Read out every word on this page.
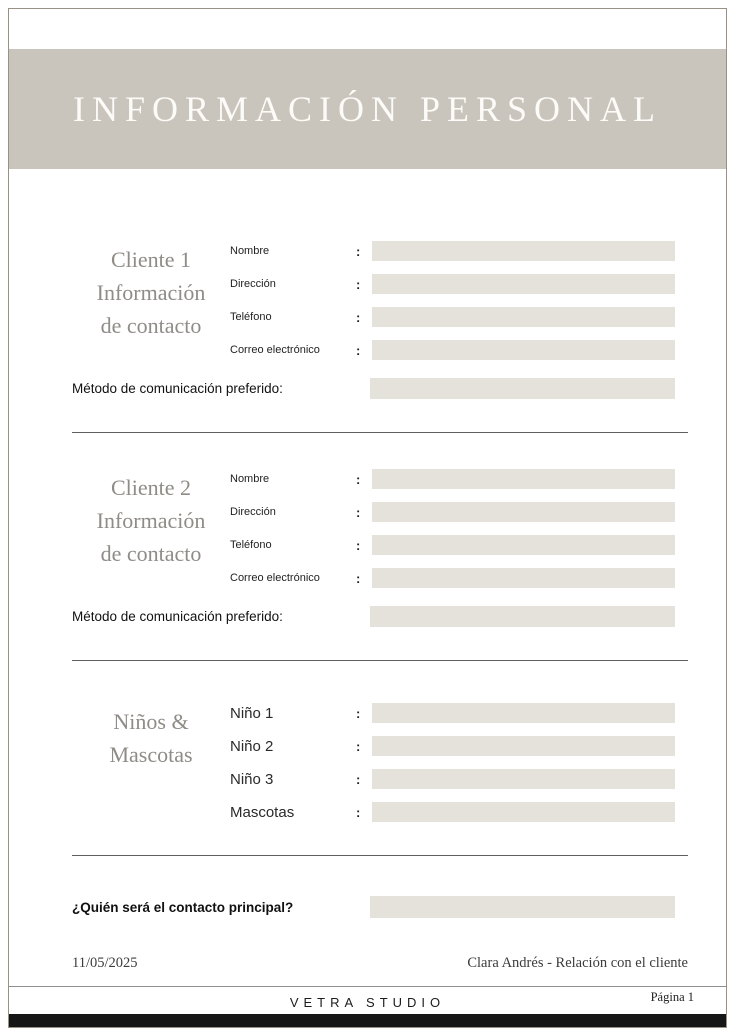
INFORMACIÓN PERSONAL
Cliente 1
Información
de contacto
Nombre	:
Dirección	:
Teléfono	:
Correo electrónico	:
Método de comunicación preferido:
Cliente 2
Información
de contacto
Nombre	:
Dirección	:
Teléfono	:
Correo electrónico	:
Método de comunicación preferido:
Niños &
Mascotas
Niño 1	:
Niño 2	:
Niño 3	:
Mascotas	:
¿Quién será el contacto principal?
11/05/2025	Clara Andrés - Relación con el cliente
VETRA STUDIO	Página 1
